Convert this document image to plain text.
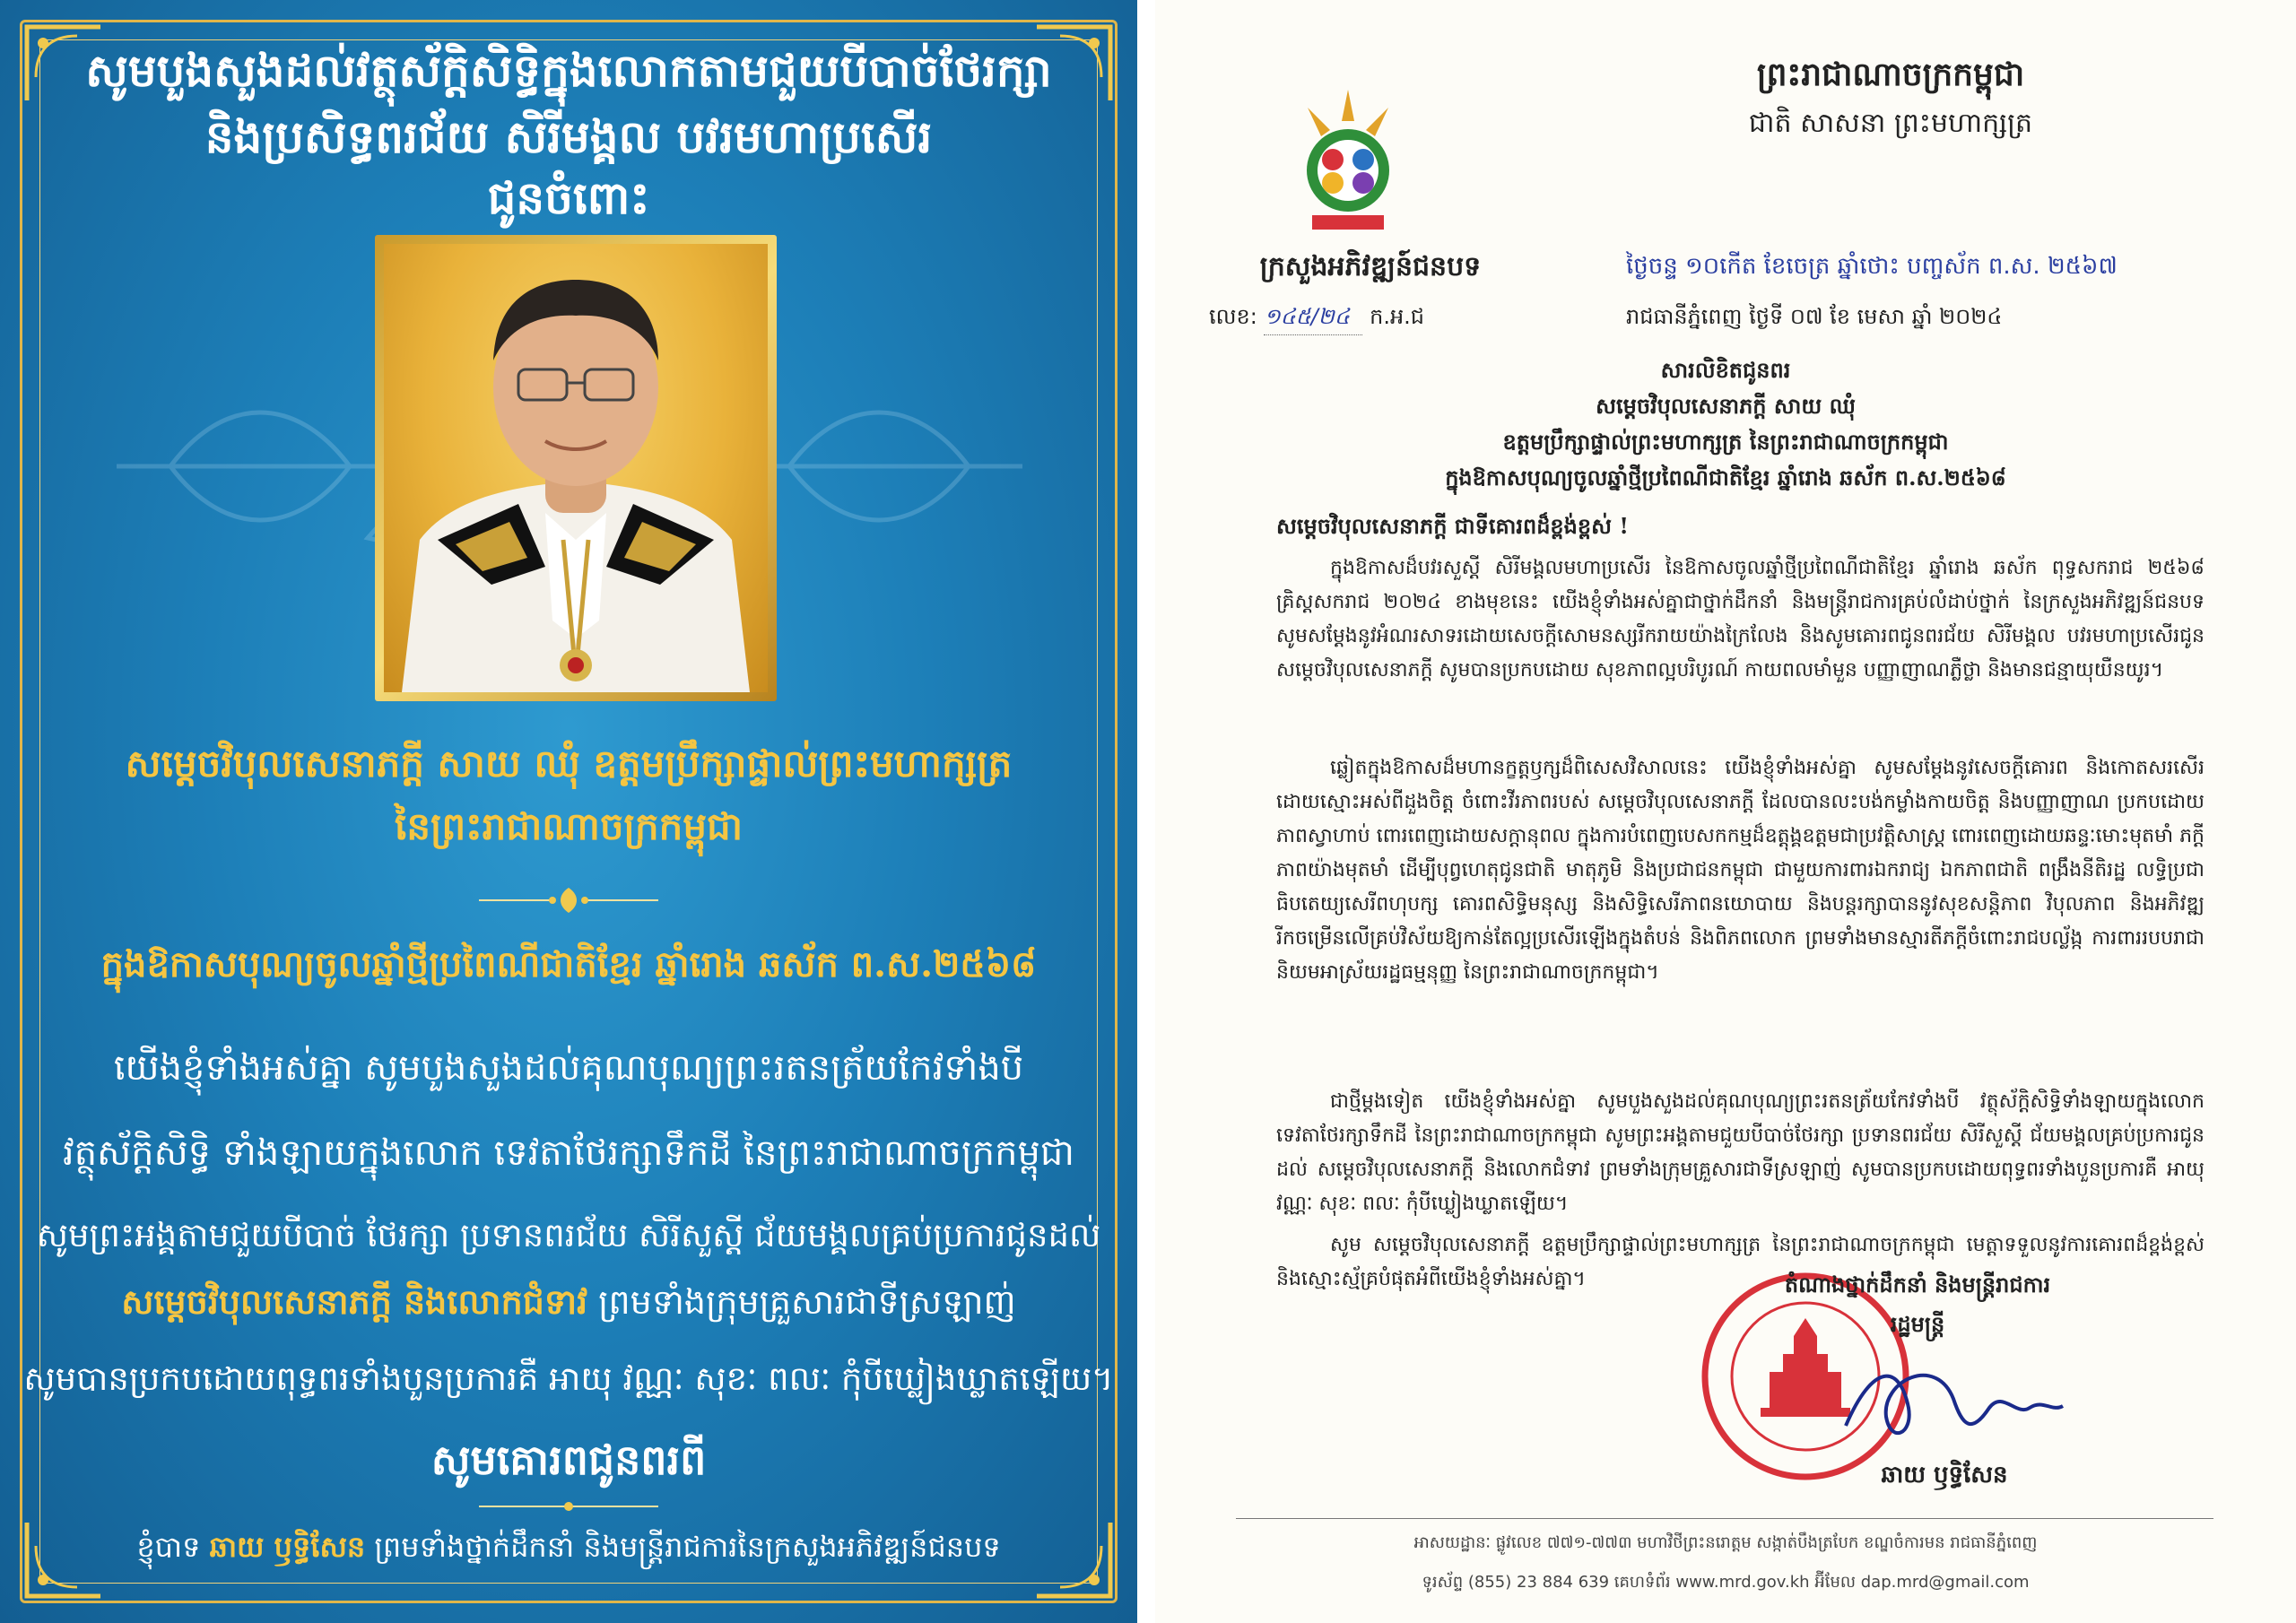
សូមបួងសួងដល់វត្ថុស័ក្តិសិទ្ធិក្នុងលោកតាមជួយបីបាច់ថែរក្សា

និងប្រសិទ្ធពរជ័យ សិរីមង្គល បវរមហាប្រសើរ

ជូនចំពោះ

សម្តេចវិបុលសេនាភក្តី សាយ ឈុំ ឧត្តមប្រឹក្សាផ្ទាល់ព្រះមហាក្សត្រ

នៃព្រះរាជាណាចក្រកម្ពុជា

ក្នុងឱកាសបុណ្យចូលឆ្នាំថ្មីប្រពៃណីជាតិខ្មែរ ឆ្នាំរោង ឆស័ក ព.ស.២៥៦៨

យើងខ្ញុំទាំងអស់គ្នា សូមបួងសួងដល់គុណបុណ្យព្រះរតនត្រ័យកែវទាំងបី

វត្ថុស័ក្តិសិទ្ធិ ទាំងឡាយក្នុងលោក ទេវតាថែរក្សាទឹកដី នៃព្រះរាជាណាចក្រកម្ពុជា

សូមព្រះអង្គតាមជួយបីបាច់ ថែរក្សា ប្រទានពរជ័យ សិរីសួស្តី ជ័យមង្គលគ្រប់ប្រការជូនដល់

សម្តេចវិបុលសេនាភក្តី និងលោកជំទាវ ព្រមទាំងក្រុមគ្រួសារជាទីស្រឡាញ់

សូមបានប្រកបដោយពុទ្ធពរទាំងបួនប្រការគឺ អាយុ វណ្ណៈ សុខៈ ពលៈ កុំបីឃ្លៀងឃ្លាតឡើយ។

សូមគោរពជូនពរពី

ខ្ញុំបាទ ឆាយ ឫទ្ធិសែន ព្រមទាំងថ្នាក់ដឹកនាំ និងមន្ត្រីរាជការនៃក្រសួងអភិវឌ្ឍន៍ជនបទ

ព្រះរាជាណាចក្រកម្ពុជា

ជាតិ សាសនា ព្រះមហាក្សត្រ

ក្រសួងអភិវឌ្ឍន៍ជនបទ

លេខ: ១៤៥/២៤ ក.អ.ជ

ថ្ងៃចន្ទ ១០កើត ខែចេត្រ ឆ្នាំថោះ បញ្ចស័ក ព.ស. ២៥៦៧

រាជធានីភ្នំពេញ ថ្ងៃទី ០៧ ខែ មេសា ឆ្នាំ ២០២៤

សារលិខិតជូនពរ

សម្តេចវិបុលសេនាភក្តី សាយ ឈុំ

ឧត្តមប្រឹក្សាផ្ទាល់ព្រះមហាក្សត្រ នៃព្រះរាជាណាចក្រកម្ពុជា

ក្នុងឱកាសបុណ្យចូលឆ្នាំថ្មីប្រពៃណីជាតិខ្មែរ ឆ្នាំរោង ឆស័ក ព.ស.២៥៦៨

សម្តេចវិបុលសេនាភក្តី ជាទីគោរពដ៏ខ្ពង់ខ្ពស់ !

ក្នុងឱកាសដ៏បវរសួស្តី សិរីមង្គលមហាប្រសើរ នៃឱកាសចូលឆ្នាំថ្មីប្រពៃណីជាតិខ្មែរ ឆ្នាំរោង ឆស័ក ពុទ្ធសករាជ ២៥៦៨ គ្រិស្តសករាជ ២០២៤ ខាងមុខនេះ យើងខ្ញុំទាំងអស់គ្នាជាថ្នាក់ដឹកនាំ និងមន្ត្រីរាជការគ្រប់លំដាប់ថ្នាក់ នៃក្រសួងអភិវឌ្ឍន៍ជនបទ សូមសម្តែងនូវអំណរសាទរដោយសេចក្តីសោមនស្សរីករាយយ៉ាងក្រៃលែង និងសូមគោរពជូនពរជ័យ សិរីមង្គល បវរមហាប្រសើរជូន សម្តេចវិបុលសេនាភក្តី សូមបានប្រកបដោយ សុខភាពល្អបរិបូរណ៍ កាយពលមាំមួន បញ្ញាញាណភ្លឺថ្លា និងមានជន្មាយុយឺនយូរ។

ឆ្លៀតក្នុងឱកាសដ៏មហានក្ខត្តឫក្សដ៏ពិសេសវិសាលនេះ យើងខ្ញុំទាំងអស់គ្នា សូមសម្តែងនូវសេចក្តីគោរព និងកោតសរសើរដោយស្មោះអស់ពីដួងចិត្ត ចំពោះវីរភាពរបស់ សម្តេចវិបុលសេនាភក្តី ដែលបានលះបង់កម្លាំងកាយចិត្ត និងបញ្ញាញាណ ប្រកបដោយភាពស្វាហាប់ ពោរពេញដោយសក្តានុពល ក្នុងការបំពេញបេសកកម្មដ៏ឧត្តុង្គឧត្តមជាប្រវត្តិសាស្ត្រ ពោរពេញដោយឆន្ទៈមោះមុតមាំ ភក្តីភាពយ៉ាងមុតមាំ ដើម្បីបុព្វហេតុជូនជាតិ មាតុភូមិ និងប្រជាជនកម្ពុជា ជាមួយការពារឯករាជ្យ ឯកភាពជាតិ ពង្រឹងនីតិរដ្ឋ លទ្ធិប្រជាធិបតេយ្យសេរីពហុបក្ស គោរពសិទ្ធិមនុស្ស និងសិទ្ធិសេរីភាពនយោបាយ និងបន្តរក្សាបាននូវសុខសន្តិភាព វិបុលភាព និងអភិវឌ្ឍរីកចម្រើនលើគ្រប់វិស័យឱ្យកាន់តែល្អប្រសើរឡើងក្នុងតំបន់ និងពិភពលោក ព្រមទាំងមានស្មារតីភក្តីចំពោះរាជបល្ល័ង្ក ការពាររបបរាជានិយមអាស្រ័យរដ្ឋធម្មនុញ្ញ នៃព្រះរាជាណាចក្រកម្ពុជា។

ជាថ្មីម្តងទៀត យើងខ្ញុំទាំងអស់គ្នា សូមបួងសួងដល់គុណបុណ្យព្រះរតនត្រ័យកែវទាំងបី វត្ថុស័ក្តិសិទ្ធិទាំងឡាយក្នុងលោក ទេវតាថែរក្សាទឹកដី នៃព្រះរាជាណាចក្រកម្ពុជា សូមព្រះអង្គតាមជួយបីបាច់ថែរក្សា ប្រទានពរជ័យ សិរីសួស្តី ជ័យមង្គលគ្រប់ប្រការជូនដល់ សម្តេចវិបុលសេនាភក្តី និងលោកជំទាវ ព្រមទាំងក្រុមគ្រួសារជាទីស្រឡាញ់ សូមបានប្រកបដោយពុទ្ធពរទាំងបួនប្រការគឺ អាយុ វណ្ណៈ សុខៈ ពលៈ កុំបីឃ្លៀងឃ្លាតឡើយ។

សូម សម្តេចវិបុលសេនាភក្តី ឧត្តមប្រឹក្សាផ្ទាល់ព្រះមហាក្សត្រ នៃព្រះរាជាណាចក្រកម្ពុជា មេត្តាទទួលនូវការគោរពដ៏ខ្ពង់ខ្ពស់ និងស្មោះស្ម័គ្របំផុតអំពីយើងខ្ញុំទាំងអស់គ្នា។	តំណាងថ្នាក់ដឹកនាំ និងមន្ត្រីរាជការ

រដ្ឋមន្ត្រី

ឆាយ ឫទ្ធិសែន

អាសយដ្ឋានៈ ផ្លូវលេខ ៧៧១-៧៧៣ មហាវិថីព្រះនរោត្តម សង្កាត់បឹងត្របែក ខណ្ឌចំការមន រាជធានីភ្នំពេញ

ទូរស័ព្ទ (855) 23 884 639 គេហទំព័រ www.mrd.gov.kh អ៊ីមែល dap.mrd@gmail.com
